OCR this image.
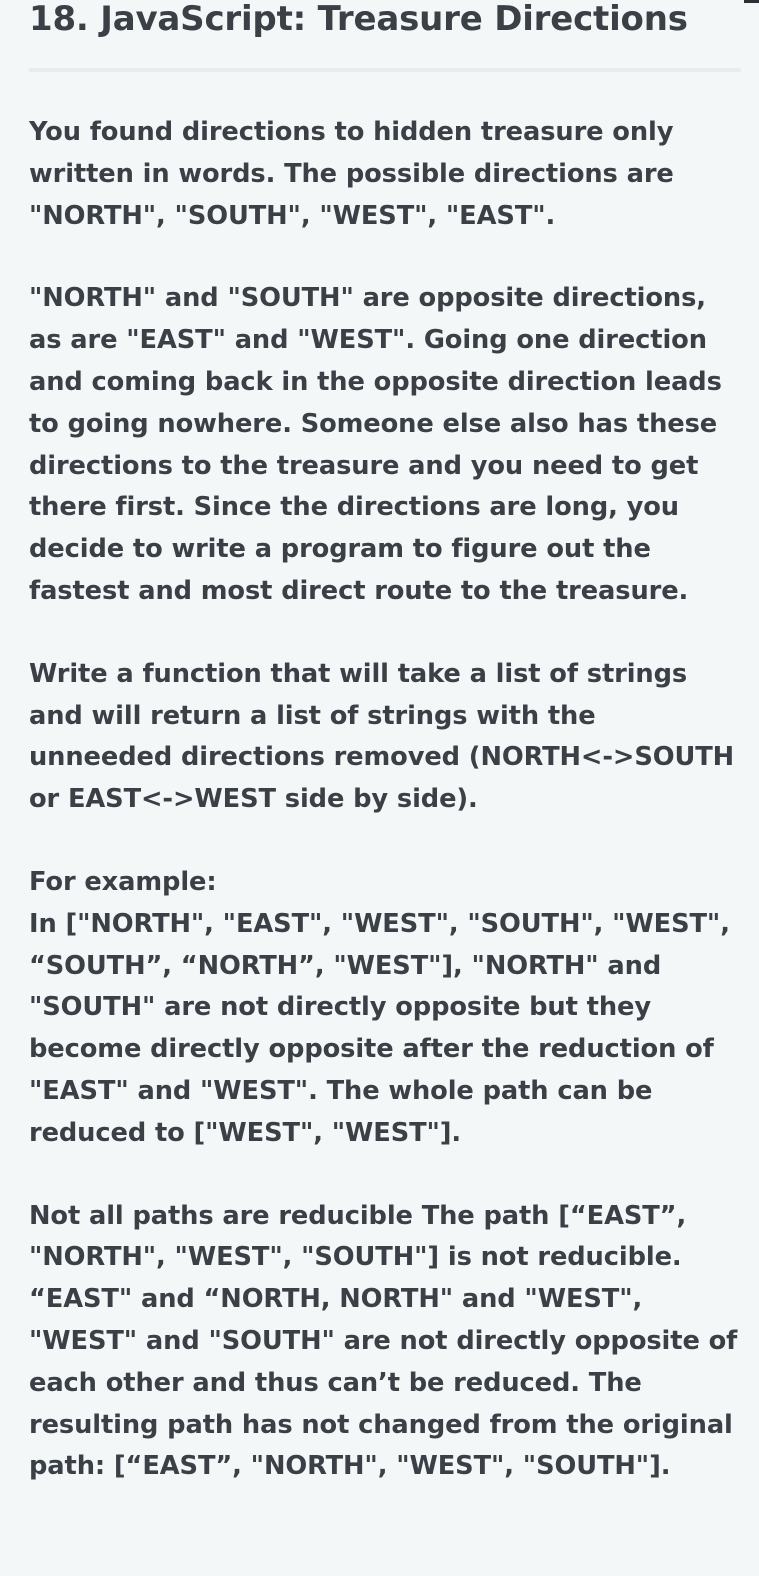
18. JavaScript: Treasure Directions

You found directions to hidden treasure only written in words. The possible directions are "NORTH", "SOUTH", "WEST", "EAST".

"NORTH" and "SOUTH" are opposite directions, as are "EAST" and "WEST". Going one direction and coming back in the opposite direction leads to going nowhere. Someone else also has these directions to the treasure and you need to get there first. Since the directions are long, you decide to write a program to figure out the fastest and most direct route to the treasure.

Write a function that will take a list of strings and will return a list of strings with the unneeded directions removed (NORTH<->SOUTH or EAST<->WEST side by side).

For example:
In ["NORTH", "EAST", "WEST", "SOUTH", "WEST", “SOUTH”, “NORTH”, "WEST"], "NORTH" and "SOUTH" are not directly opposite but they become directly opposite after the reduction of "EAST" and "WEST". The whole path can be reduced to ["WEST", "WEST"].

Not all paths are reducible The path [“EAST”, "NORTH", "WEST", "SOUTH"] is not reducible. “EAST" and “NORTH, NORTH" and "WEST", "WEST" and "SOUTH" are not directly opposite of each other and thus can’t be reduced. The resulting path has not changed from the original path: [“EAST”, "NORTH", "WEST", "SOUTH"].
